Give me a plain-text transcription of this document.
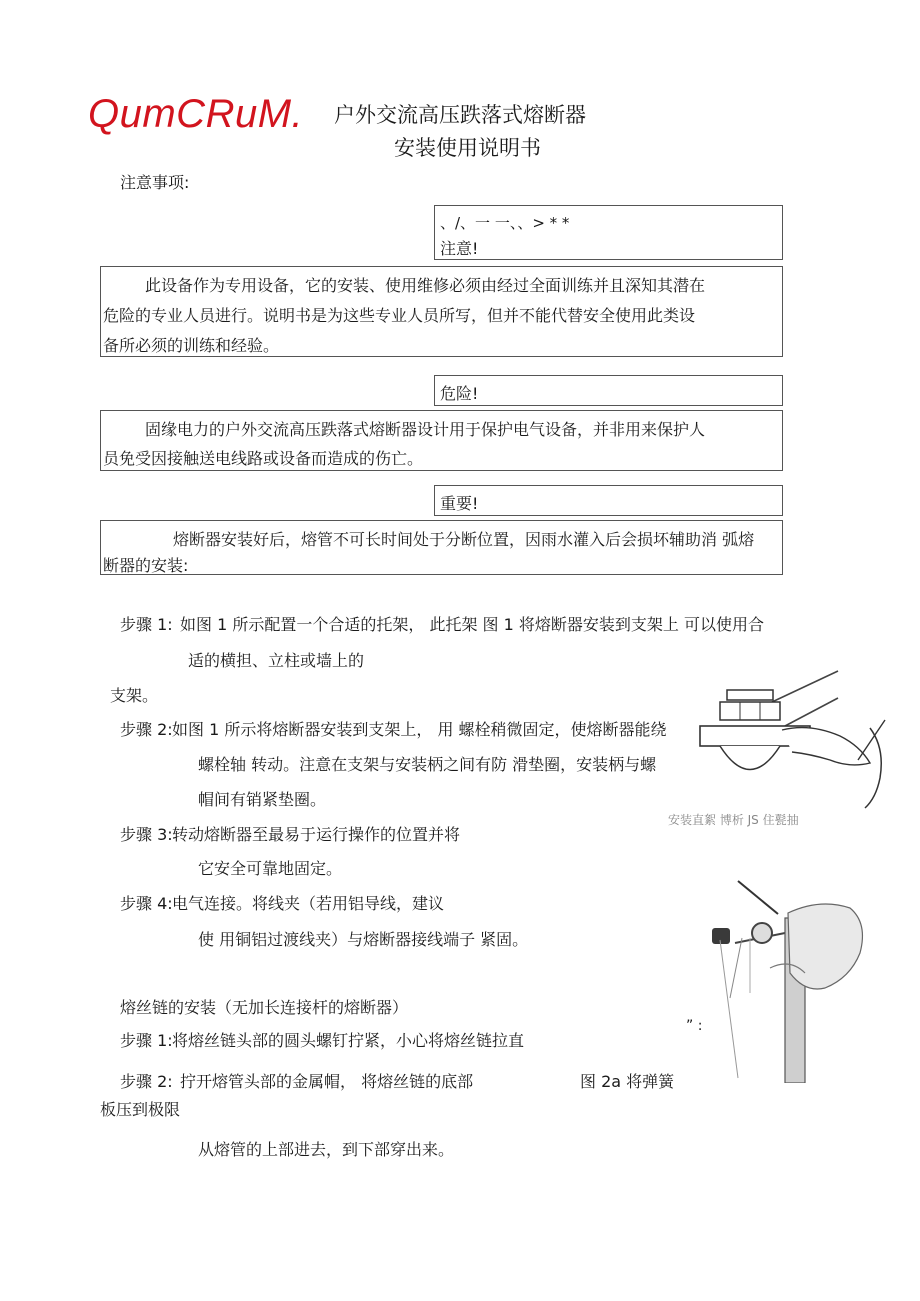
QumCRuM. 户外交流高压跌落式熔断器
安装使用说明书
注意事项:
、/、一 一、、> * *
注意!
此设备作为专用设备，它的安装、使用维修必须由经过全面训练并且深知其潜在
危险的专业人员进行。说明书是为这些专业人员所写，但并不能代替安全使用此类设
备所必须的训练和经验。
危险!
固缘电力的户外交流高压跌落式熔断器设计用于保护电气设备，并非用来保护人
员免受因接触送电线路或设备而造成的伤亡。
重要!
熔断器安装好后，熔管不可长时间处于分断位置，因雨水灌入后会损坏辅助消 弧熔
断器的安装:
步骤 1: 如图 1 所示配置一个合适的托架， 此托架 图 1 将熔断器安装到支架上 可以使用合
适的横担、立柱或墙上的
支架。
步骤 2: 如图 1 所示将熔断器安装到支架上， 用 螺栓稍微固定，使熔断器能绕
螺栓轴 转动。注意在支架与安装柄之间有防 滑垫圈，安装柄与螺
帽间有销紧垫圈。
步骤 3: 转动熔断器至最易于运行操作的位置并将
它安全可靠地固定。
步骤 4: 电气连接。将线夹（若用铝导线，建议
使 用铜铝过渡线夹）与熔断器接线端子 紧固。
安装直絮 博析 JS 住甏抽
” :
熔丝链的安装（无加长连接杆的熔断器）
步骤 1: 将熔丝链头部的圆头螺钉拧紧，小心将熔丝链拉直
步骤 2: 拧开熔管头部的金属帽， 将熔丝链的底部	图 2a 将弹簧
板压到极限
从熔管的上部进去，到下部穿出来。
